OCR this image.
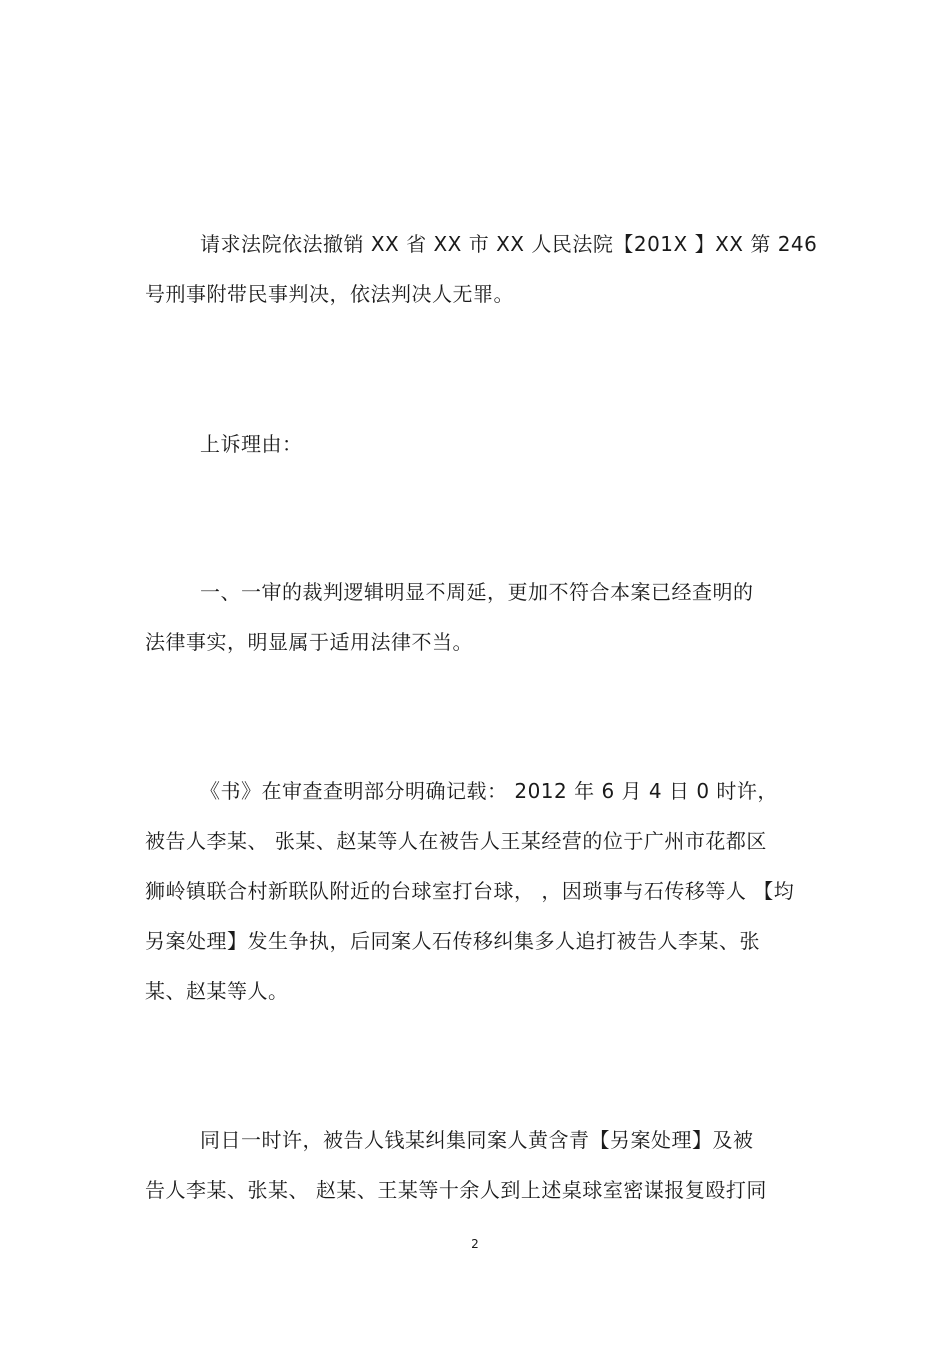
请求法院依法撤销 XX 省 XX 市 XX 人民法院【201X 】XX 第 246
号刑事附带民事判决，依法判决人无罪。
上诉理由：
一、一审的裁判逻辑明显不周延，更加不符合本案已经查明的
法律事实，明显属于适用法律不当。
《书》在审查查明部分明确记载： 2012 年 6 月 4 日 0 时许，
被告人李某、 张某、赵某等人在被告人王某经营的位于广州市花都区
狮岭镇联合村新联队附近的台球室打台球， ，因琐事与石传移等人 【均
另案处理】发生争执，后同案人石传移纠集多人追打被告人李某、张
某、赵某等人。
同日一时许，被告人钱某纠集同案人黄含青【另案处理】及被
告人李某、张某、 赵某、王某等十余人到上述桌球室密谋报复殴打同
2
